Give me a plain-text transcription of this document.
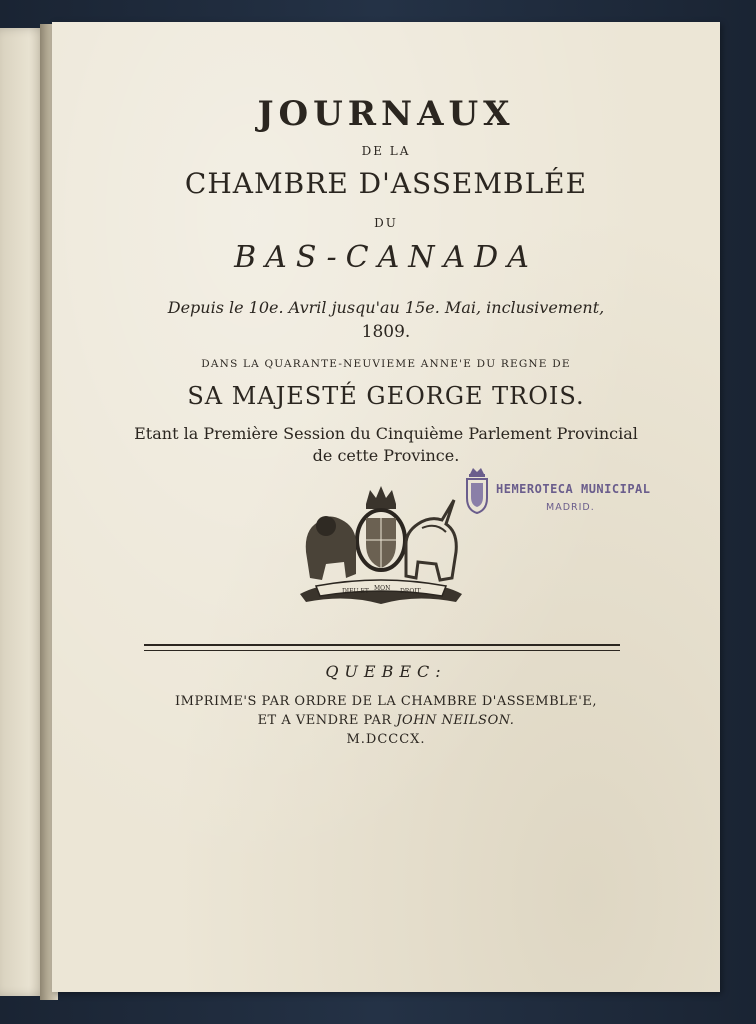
JOURNAUX
DE LA
CHAMBRE D'ASSEMBLÉE
DU
BAS-CANADA
Depuis le 10e. Avril jusqu'au 15e. Mai, inclusivement,
1809.
DANS LA QUARANTE-NEUVIEME ANNE'E DU REGNE DE
SA MAJESTÉ GEORGE TROIS.
Etant la Première Session du Cinquième Parlement Provincial
de cette Province.
HEMEROTECA MUNICIPAL
MADRID.
DIEU ET MON DROIT
QUEBEC:
IMPRIME'S PAR ORDRE DE LA CHAMBRE D'ASSEMBLE'E,
ET A VENDRE PAR JOHN NEILSON.
M.DCCCX.
